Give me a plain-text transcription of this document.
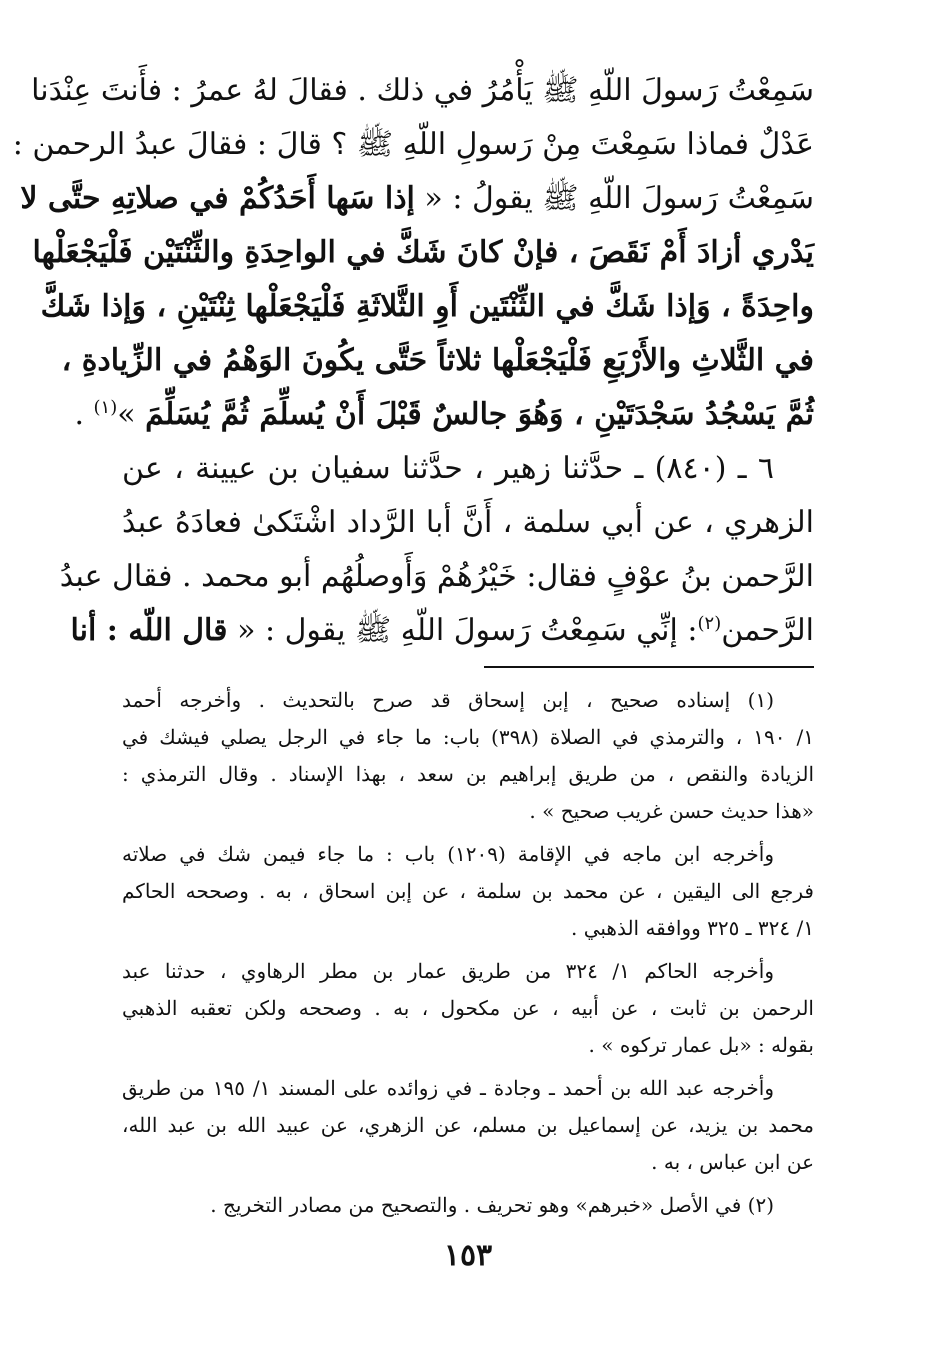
سَمِعْتُ رَسولَ اللّهِ ﷺ يَأْمُرُ في ذلك . فقالَ لهُ عمرُ : فأَنتَ عِنْدَنا
عَدْلٌ فماذا سَمِعْتَ مِنْ رَسولِ اللّهِ ﷺ ؟ قالَ : فقالَ عبدُ الرحمن :
سَمِعْتُ رَسولَ اللّهِ ﷺ يقولُ : « إذا سَها أَحَدُكُمْ في صلاتِهِ حتَّى لا
يَدْري أزادَ أَمْ نَقَصَ ، فإنْ كانَ شَكَّ في الواحِدَةِ والثِّنْتَيْن فَلْيَجْعَلْها
واحِدَةً ، وَإذا شَكَّ في الثِّنْتَين أَوِ الثَّلاثَةِ فَلْيَجْعَلْها ثِنْتَيْنِ ، وَإذا شَكَّ
في الثَّلاثِ والأَرْبَعِ فَلْيَجْعَلْها ثلاثاً حَتَّى يكُونَ الوَهْمُ في الزِّيادةِ ،
ثُمَّ يَسْجُدُ سَجْدَتَيْنِ ، وَهُوَ جالسٌ قَبْلَ أَنْ يُسلِّمَ ثُمَّ يُسَلِّمَ »$^{(١)}$ .
٦ ـ (٨٤٠) ـ حدَّثنا زهير ، حدَّثنا سفيان بن عيينة ، عن
الزهري ، عن أبي سلمة ، أَنَّ أبا الرَّداد اشْتَكىٰ فعادَهُ عبدُ
الرَّحمن بنُ عوْفٍ فقال: خَيْرُهُمْ وَأَوصلُهُم أبو محمد . فقال عبدُ
الرَّحمن$^{(٢)}$: إنِّي سَمِعْتُ رَسولَ اللّهِ ﷺ يقول : « قال اللّه : أنا
(١) إسناده صحيح ، إبن إسحاق قد صرح بالتحديث . وأخرجه أحمد
١/ ١٩٠ ، والترمذي في الصلاة (٣٩٨) باب: ما جاء في الرجل يصلي فيشك في
الزيادة والنقص ، من طريق إبراهيم بن سعد ، بهذا الإسناد . وقال الترمذي :
«هذا حديث حسن غريب صحيح » .
وأخرجه ابن ماجه في الإقامة (١٢٠٩) باب : ما جاء فيمن شك في صلاته
فرجع الى اليقين ، عن محمد بن سلمة ، عن إبن اسحاق ، به . وصححه الحاكم
١/ ٣٢٤ ـ ٣٢٥ ووافقه الذهبي .
وأخرجه الحاكم ١/ ٣٢٤ من طريق عمار بن مطر الرهاوي ، حدثنا عبد
الرحمن بن ثابت ، عن أبيه ، عن مكحول ، به . وصححه ولكن تعقبه الذهبي
بقوله : «بل عمار تركوه » .
وأخرجه عبد الله بن أحمد ـ وجادة ـ في زوائده على المسند ١/ ١٩٥ من طريق
محمد بن يزيد، عن إسماعيل بن مسلم، عن الزهري، عن عبيد الله بن عبد الله،
عن ابن عباس ، به .
(٢) في الأصل «خبرهم» وهو تحريف . والتصحيح من مصادر التخريج .
١٥٣
